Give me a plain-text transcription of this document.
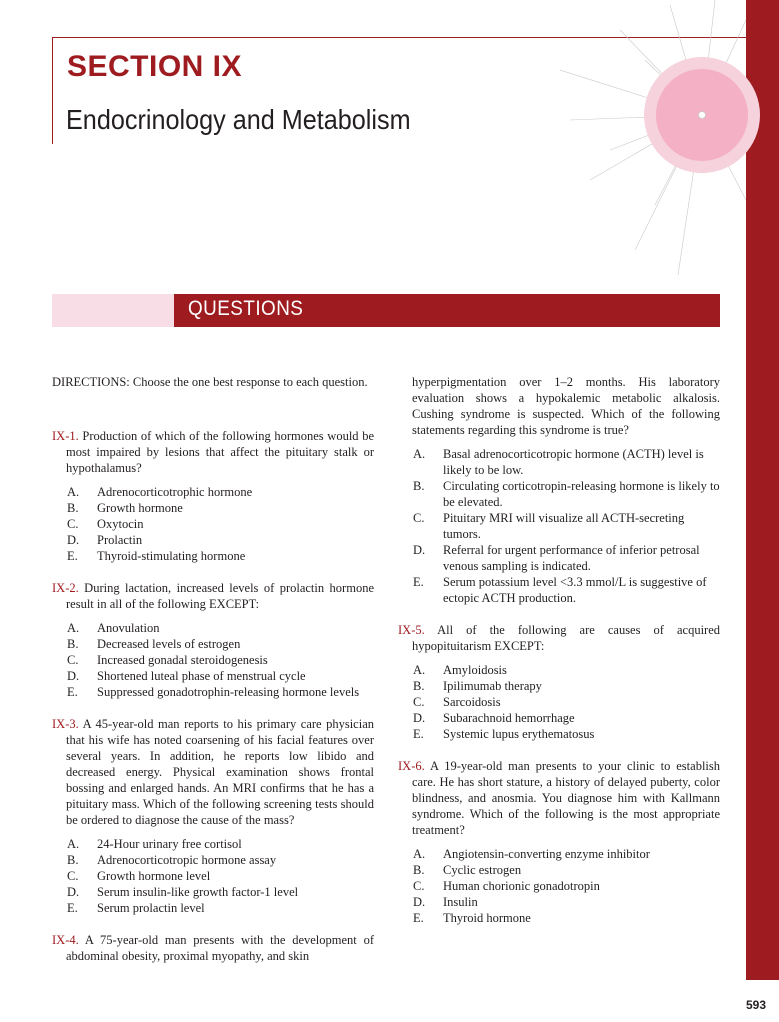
SECTION IX
Endocrinology and Metabolism
QUESTIONS

DIRECTIONS: Choose the one best response to each question.

IX-1. Production of which of the following hormones would be most impaired by lesions that affect the pituitary stalk or hypothalamus?

A.	Adrenocorticotrophic hormone
B.	Growth hormone
C.	Oxytocin
D.	Prolactin
E.	Thyroid-stimulating hormone

IX-2. During lactation, increased levels of prolactin hormone result in all of the following EXCEPT:

A.	Anovulation
B.	Decreased levels of estrogen
C.	Increased gonadal steroidogenesis
D.	Shortened luteal phase of menstrual cycle
E.	Suppressed gonadotrophin-releasing hormone levels

IX-3. A 45-year-old man reports to his primary care physician that his wife has noted coarsening of his facial features over several years. In addition, he reports low libido and decreased energy. Physical examination shows frontal bossing and enlarged hands. An MRI confirms that he has a pituitary mass. Which of the following screening tests should be ordered to diagnose the cause of the mass?

A.	24-Hour urinary free cortisol
B.	Adrenocorticotropic hormone assay
C.	Growth hormone level
D.	Serum insulin-like growth factor-1 level
E.	Serum prolactin level

IX-4. A 75-year-old man presents with the development of abdominal obesity, proximal myopathy, and skin

hyperpigmentation over 1–2 months. His laboratory evaluation shows a hypokalemic metabolic alkalosis. Cushing syndrome is suspected. Which of the following statements regarding this syndrome is true?

A.	Basal adrenocorticotropic hormone (ACTH) level is likely to be low.
B.	Circulating corticotropin-releasing hormone is likely to be elevated.
C.	Pituitary MRI will visualize all ACTH-secreting tumors.
D.	Referral for urgent performance of inferior petrosal venous sampling is indicated.
E.	Serum potassium level <3.3 mmol/L is suggestive of ectopic ACTH production.

IX-5. All of the following are causes of acquired hypopituitarism EXCEPT:

A.	Amyloidosis
B.	Ipilimumab therapy
C.	Sarcoidosis
D.	Subarachnoid hemorrhage
E.	Systemic lupus erythematosus

IX-6. A 19-year-old man presents to your clinic to establish care. He has short stature, a history of delayed puberty, color blindness, and anosmia. You diagnose him with Kallmann syndrome. Which of the following is the most appropriate treatment?

A.	Angiotensin-converting enzyme inhibitor
B.	Cyclic estrogen
C.	Human chorionic gonadotropin
D.	Insulin
E.	Thyroid hormone
593
